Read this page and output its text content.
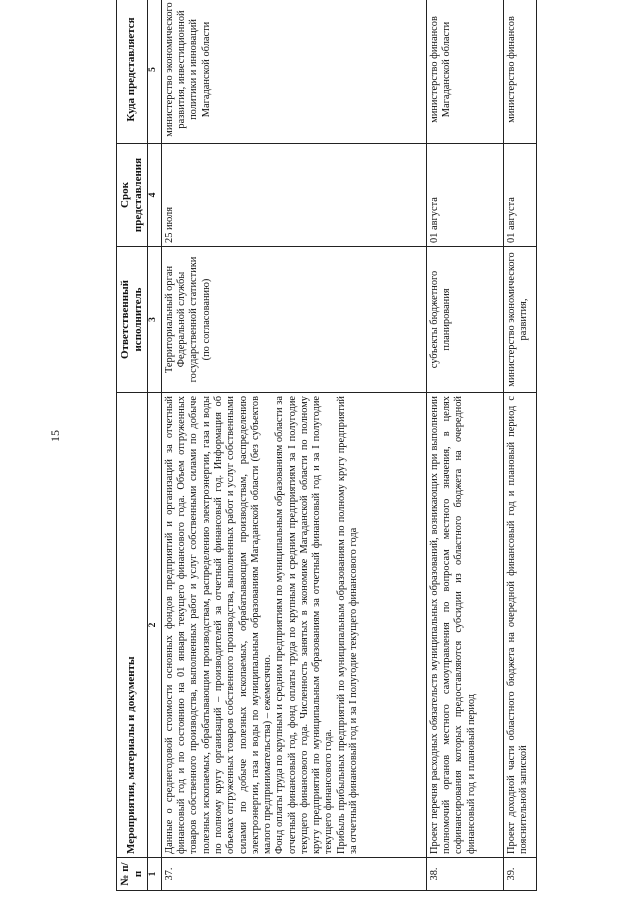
15
№ п/п	Мероприятия, материалы и документы	Ответственный исполнитель	Срок представления	Куда представляется
1	2	3	4	5
37.	Данные о среднегодовой стоимости основных фондов предприятий и организаций за отчетный финансовый год и по состоянию на 01 января текущего финансового года. Объем отгруженных товаров собственного производства, выполненных работ и услуг собственными силами по добыче полезных ископаемых, обрабатывающим производствам, распределению электроэнергии, газа и воды по полному кругу организаций – производителей за отчетный финансовый год. Информация об объемах отгруженных товаров собственного производства, выполненных работ и услуг собственными силами по добыче полезных ископаемых, обрабатывающим производствам, распределению электроэнергии, газа и воды по муниципальным образованиям Магаданской области (без субъектов малого предпринимательства) – ежемесячно. Фонд оплаты труда по крупным и средним предприятиям по муниципальным образованиям области за отчетный финансовый год, фонд оплаты труда по крупным и средним предприятиям за I полугодие текущего финансового года. Численность занятых в экономике Магаданской области по полному кругу предприятий по муниципальным образованиям за отчетный финансовый год и за I полугодие текущего финансового года. Прибыль прибыльных предприятий по муниципальным образованиям по полному кругу предприятий за отчетный финансовый год и за I полугодие текущего финансового года	Территориальный орган Федеральной службы государственной статистики (по согласованию)	25 июля	министерство экономического развития, инвестиционной политики и инноваций Магаданской области
38.	Проект перечня расходных обязательств муниципальных образований, возникающих при выполнении полномочий органов местного самоуправления по вопросам местного значения, в целях софинансирования которых предоставляются субсидии из областного бюджета на очередной финансовый год и плановый период	субъекты бюджетного планирования	01 августа	министерство финансов Магаданской области
39.	Проект доходной части областного бюджета на очередной финансовый год и плановый период с пояснительной запиской	министерство экономического развития,	01 августа	министерство финансов
